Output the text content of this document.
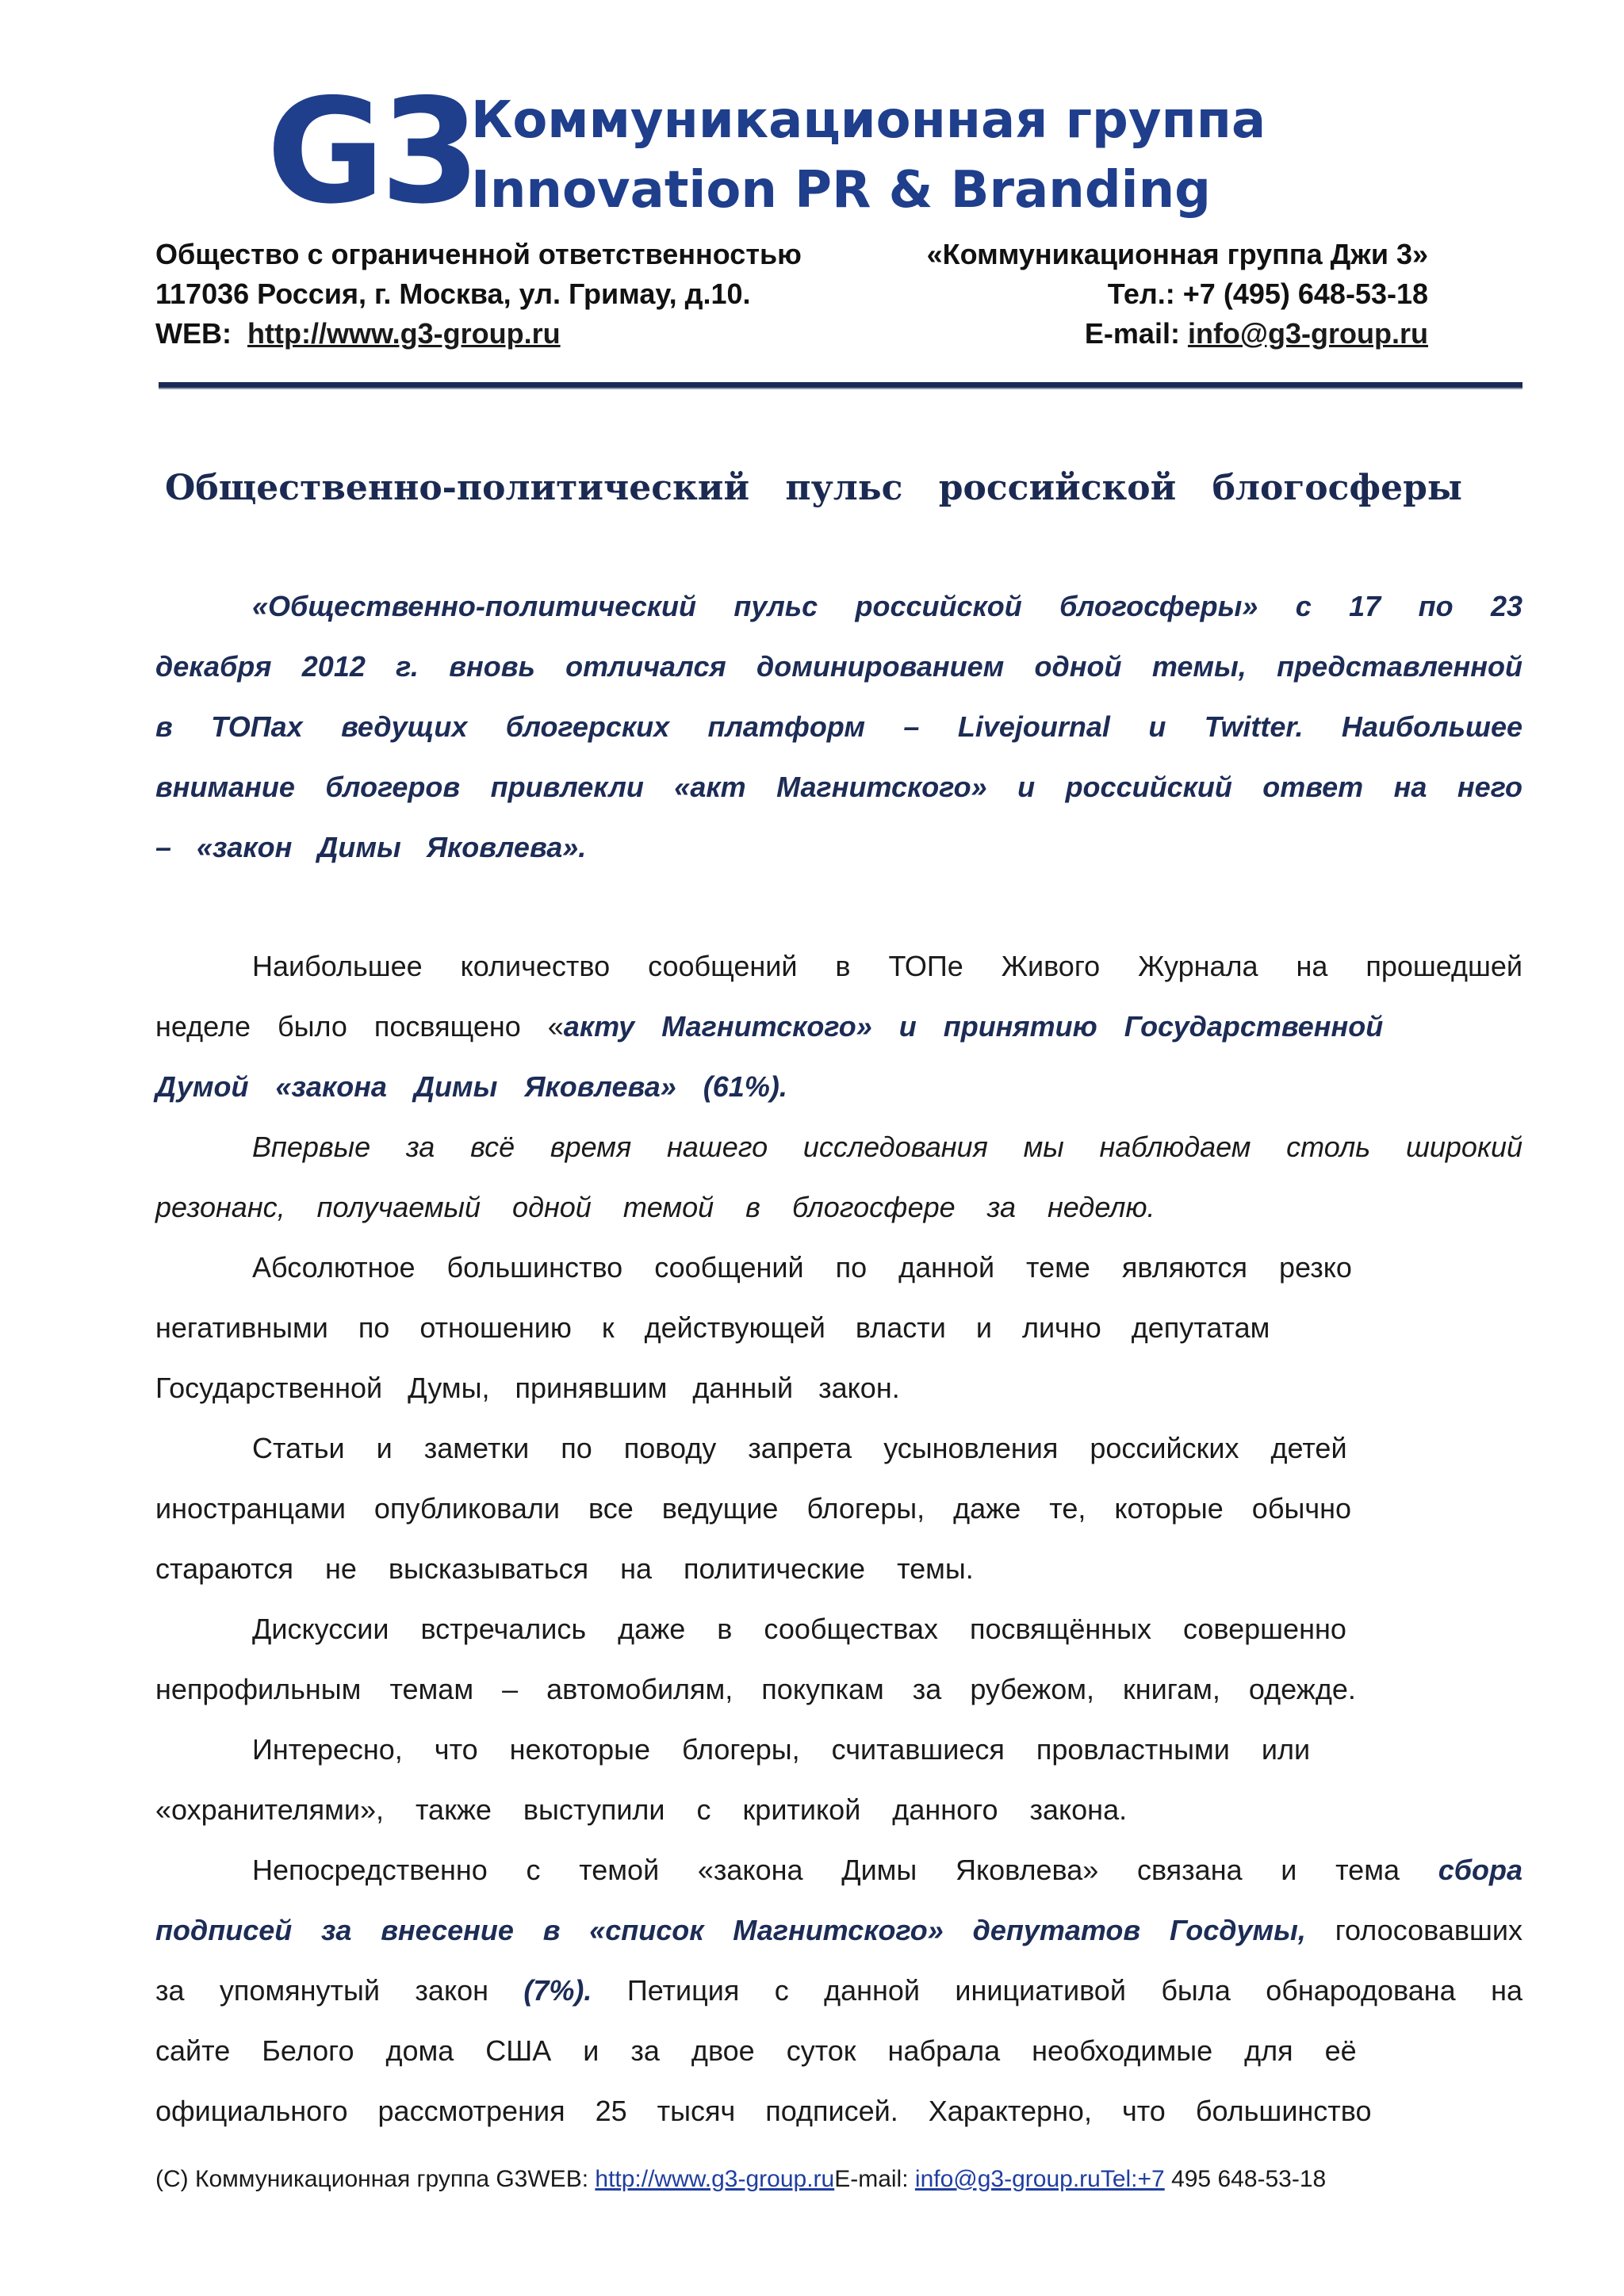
G3
Коммуникационная группа
Innovation PR & Branding
Общество с ограниченной ответственностью	«Коммуникационная группа Джи 3»
117036 Россия, г. Москва, ул. Гримау, д.10.	Тел.: +7 (495) 648-53-18
WEB: http://www.g3-group.ru	E-mail: info@g3-group.ru
Общественно-политический пульс российской блогосферы
«Общественно-политический пульс российской блогосферы» с 17 по 23
декабря 2012 г. вновь отличался доминированием одной темы, представленной
в ТОПах ведущих блогерских платформ – Livejournal и Twitter. Наибольшее
внимание блогеров привлекли «акт Магнитского» и российский ответ на него
– «закон Димы Яковлева».
Наибольшее количество сообщений в ТОПе Живого Журнала на прошедшей
неделе было посвящено «акту Магнитского» и принятию Государственной
Думой «закона Димы Яковлева» (61%).
Впервые за всё время нашего исследования мы наблюдаем столь широкий
резонанс, получаемый одной темой в блогосфере за неделю.
Абсолютное большинство сообщений по данной теме являются резко
негативными по отношению к действующей власти и лично депутатам
Государственной Думы, принявшим данный закон.
Статьи и заметки по поводу запрета усыновления российских детей
иностранцами опубликовали все ведущие блогеры, даже те, которые обычно
стараются не высказываться на политические темы.
Дискуссии встречались даже в сообществах посвящённых совершенно
непрофильным темам – автомобилям, покупкам за рубежом, книгам, одежде.
Интересно, что некоторые блогеры, считавшиеся провластными или
«охранителями», также выступили с критикой данного закона.
Непосредственно с темой «закона Димы Яковлева» связана и тема сбора
подписей за внесение в «список Магнитского» депутатов Госдумы, голосовавших
за упомянутый закон (7%). Петиция с данной инициативой была обнародована на
сайте Белого дома США и за двое суток набрала необходимые для её
официального рассмотрения 25 тысяч подписей. Характерно, что большинство
(C) Коммуникационная группа G3WEB: http://www.g3-group.ruE-mail: info@g3-group.ruTel:+7 495 648-53-18
